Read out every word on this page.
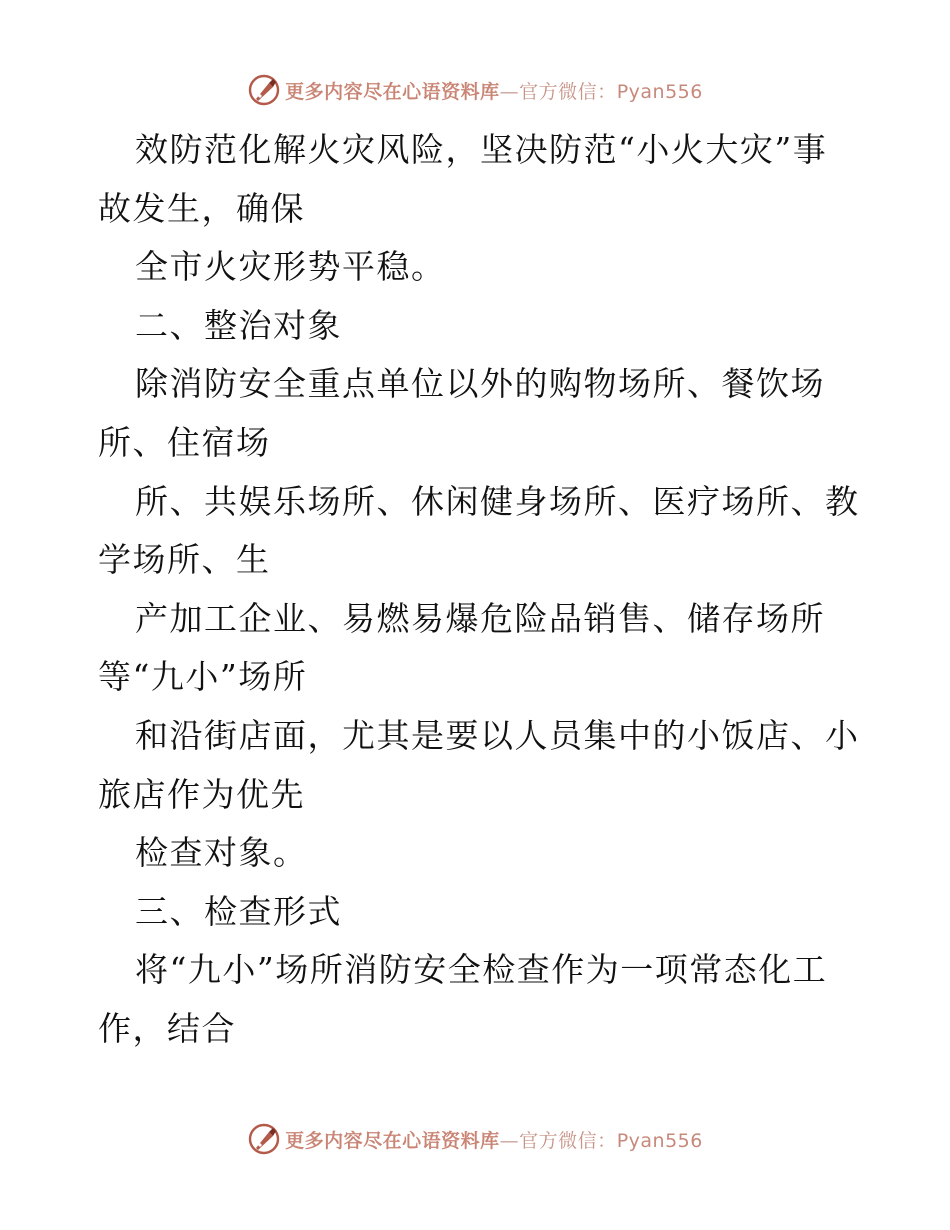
更多内容尽在心语资料库—官方微信：Pyan556

效防范化解火灾风险，坚决防范“小火大灾”事

故发生，确保

全市火灾形势平稳。

二、整治对象

除消防安全重点单位以外的购物场所、餐饮场

所、住宿场

所、共娱乐场所、休闲健身场所、医疗场所、教

学场所、生

产加工企业、易燃易爆危险品销售、储存场所

等“九小”场所

和沿街店面，尤其是要以人员集中的小饭店、小

旅店作为优先

检查对象。

三、检查形式

将“九小”场所消防安全检查作为一项常态化工

作，结合

更多内容尽在心语资料库—官方微信：Pyan556
